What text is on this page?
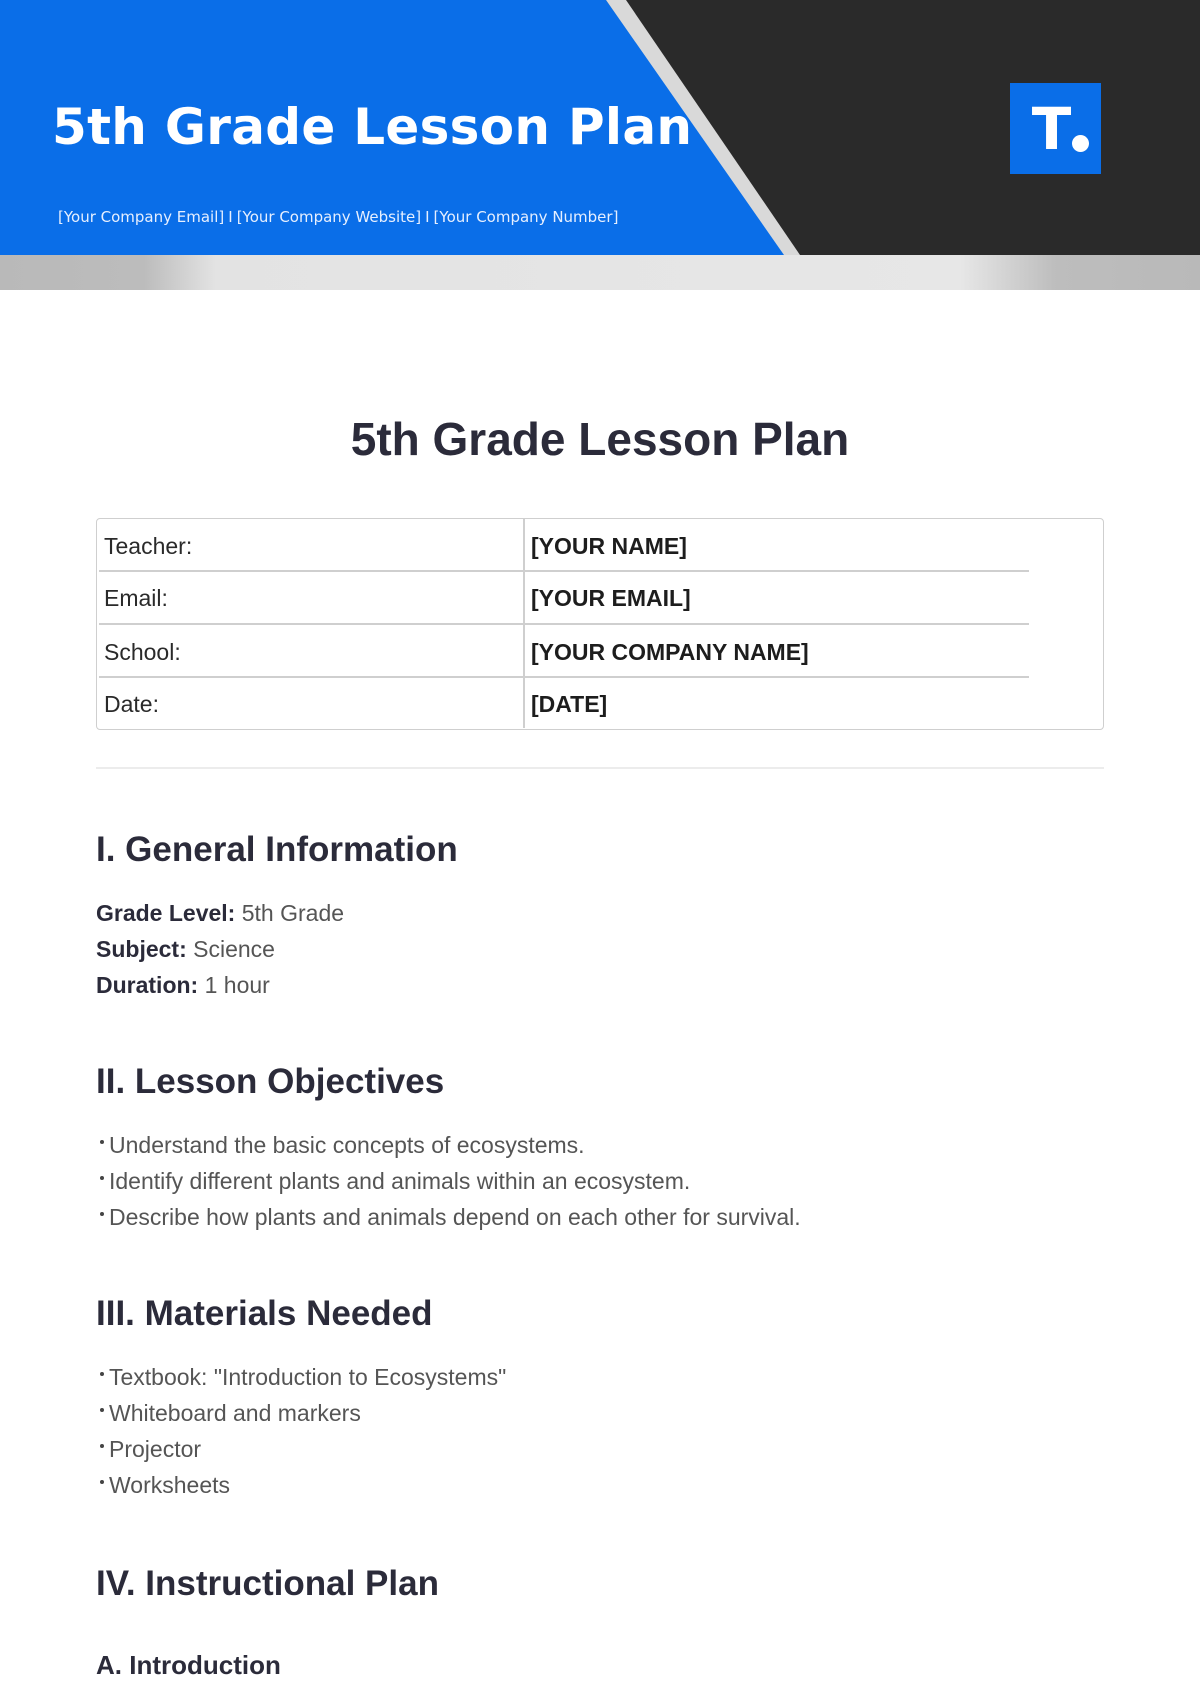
5th Grade Lesson Plan
[Your Company Email] I [Your Company Website] I [Your Company Number]
T
5th Grade Lesson Plan
Teacher:	[YOUR NAME]
Email:	[YOUR EMAIL]
School:	[YOUR COMPANY NAME]
Date:	[DATE]
I. General Information
Grade Level: 5th Grade
Subject: Science
Duration: 1 hour
II. Lesson Objectives
Understand the basic concepts of ecosystems.
Identify different plants and animals within an ecosystem.
Describe how plants and animals depend on each other for survival.
III. Materials Needed
Textbook: "Introduction to Ecosystems"
Whiteboard and markers
Projector
Worksheets
IV. Instructional Plan
A. Introduction
